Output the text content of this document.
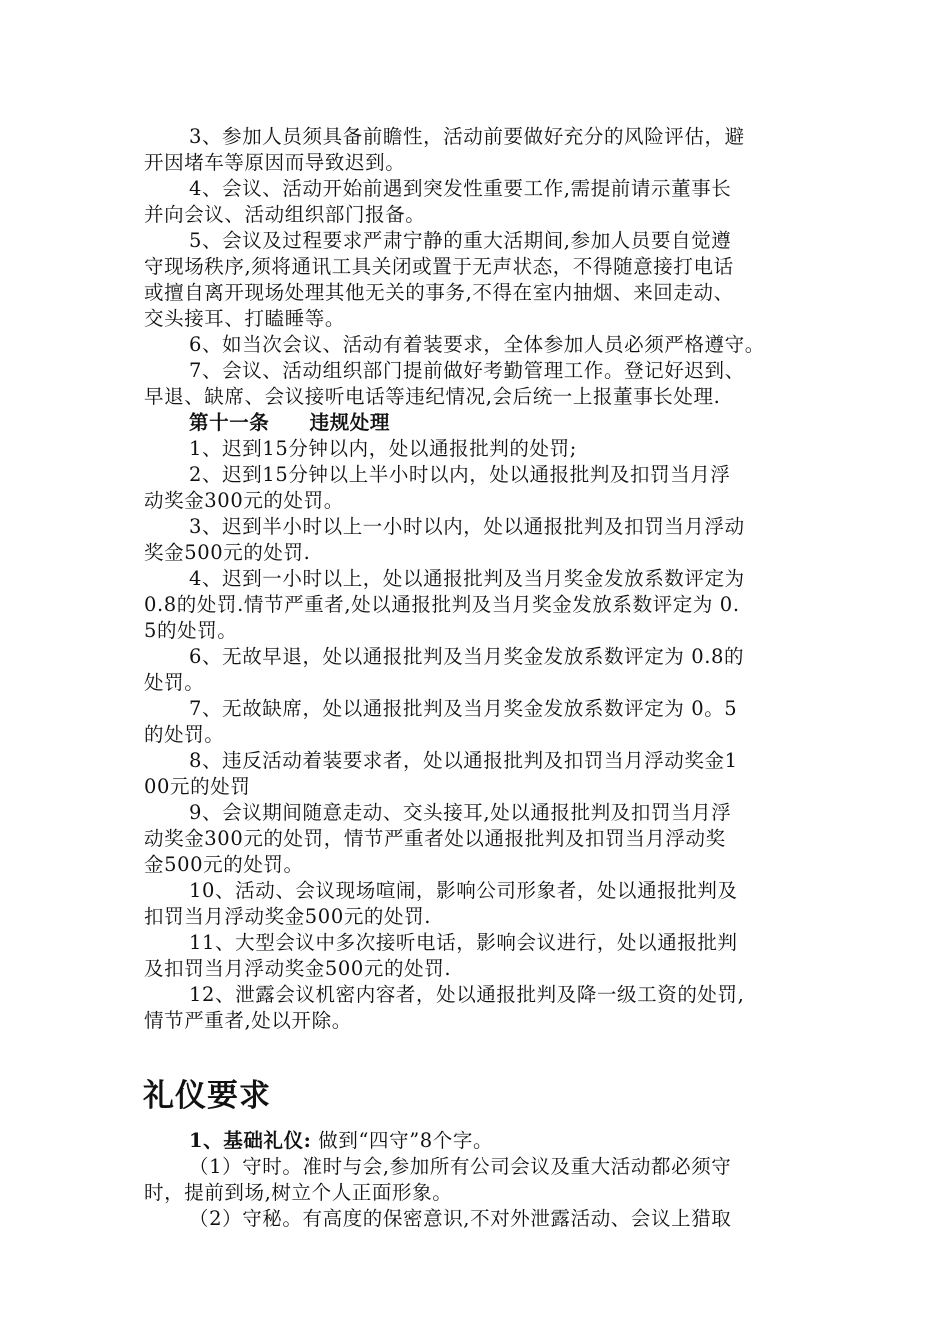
3、参加人员须具备前瞻性，活动前要做好充分的风险评估，避
开因堵车等原因而导致迟到。
4、会议、活动开始前遇到突发性重要工作,需提前请示董事长
并向会议、活动组织部门报备。
5、会议及过程要求严肃宁静的重大活期间,参加人员要自觉遵
守现场秩序,须将通讯工具关闭或置于无声状态，不得随意接打电话
或擅自离开现场处理其他无关的事务,不得在室内抽烟、来回走动、
交头接耳、打瞌睡等。
6、如当次会议、活动有着装要求，全体参加人员必须严格遵守。
7、会议、活动组织部门提前做好考勤管理工作。登记好迟到、
早退、缺席、会议接听电话等违纪情况,会后统一上报董事长处理.
第十一条　　违规处理
1、迟到15分钟以内，处以通报批判的处罚;
2、迟到15分钟以上半小时以内，处以通报批判及扣罚当月浮
动奖金300元的处罚。
3、迟到半小时以上一小时以内，处以通报批判及扣罚当月浮动
奖金500元的处罚.
4、迟到一小时以上，处以通报批判及当月奖金发放系数评定为
0.8的处罚.情节严重者,处以通报批判及当月奖金发放系数评定为 0.
5的处罚。
6、无故早退，处以通报批判及当月奖金发放系数评定为 0.8的
处罚。
7、无故缺席，处以通报批判及当月奖金发放系数评定为 0。5
的处罚。
8、违反活动着装要求者，处以通报批判及扣罚当月浮动奖金1
00元的处罚
9、会议期间随意走动、交头接耳,处以通报批判及扣罚当月浮
动奖金300元的处罚，情节严重者处以通报批判及扣罚当月浮动奖
金500元的处罚。
10、活动、会议现场喧闹，影响公司形象者，处以通报批判及
扣罚当月浮动奖金500元的处罚.
11、大型会议中多次接听电话，影响会议进行，处以通报批判
及扣罚当月浮动奖金500元的处罚.
12、泄露会议机密内容者，处以通报批判及降一级工资的处罚,
情节严重者,处以开除。
礼仪要求
1、基础礼仪: 做到“四守”8个字。
（1）守时。准时与会,参加所有公司会议及重大活动都必须守
时，提前到场,树立个人正面形象。
（2）守秘。有高度的保密意识,不对外泄露活动、会议上猎取
